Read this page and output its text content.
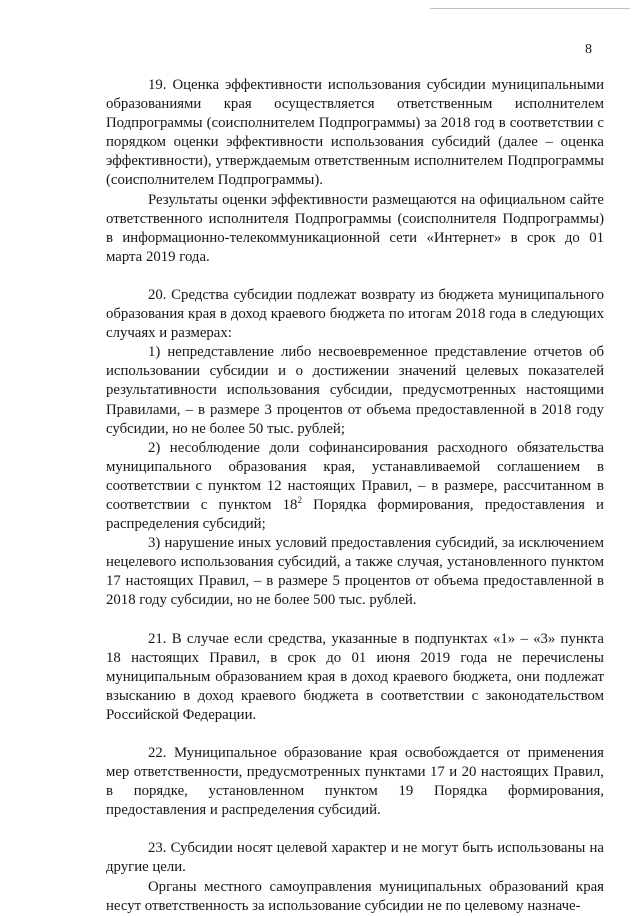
8

19. Оценка эффективности использования субсидии муниципальными образованиями края осуществляется ответственным исполнителем Подпрограммы (соисполнителем Подпрограммы) за 2018 год в соответствии с порядком оценки эффективности использования субсидий (далее – оценка эффективности), утверждаемым ответственным исполнителем Подпрограммы (соисполнителем Подпрограммы).

Результаты оценки эффективности размещаются на официальном сайте ответственного исполнителя Подпрограммы (соисполнителя Подпрограммы) в информационно-телекоммуникационной сети «Интернет» в срок до 01 марта 2019 года.

20. Средства субсидии подлежат возврату из бюджета муниципального образования края в доход краевого бюджета по итогам 2018 года в следующих случаях и размерах:

1) непредставление либо несвоевременное представление отчетов об использовании субсидии и о достижении значений целевых показателей результативности использования субсидии, предусмотренных настоящими Правилами, – в размере 3 процентов от объема предоставленной в 2018 году субсидии, но не более 50 тыс. рублей;

2) несоблюдение доли софинансирования расходного обязательства муниципального образования края, устанавливаемой соглашением в соответствии с пунктом 12 настоящих Правил, – в размере, рассчитанном в соответствии с пунктом $18^2$ Порядка формирования, предоставления и распределения субсидий;

3) нарушение иных условий предоставления субсидий, за исключением нецелевого использования субсидий, а также случая, установленного пунктом 17 настоящих Правил, – в размере 5 процентов от объема предоставленной в 2018 году субсидии, но не более 500 тыс. рублей.

21. В случае если средства, указанные в подпунктах «1» – «3» пункта 18 настоящих Правил, в срок до 01 июня 2019 года не перечислены муниципальным образованием края в доход краевого бюджета, они подлежат взысканию в доход краевого бюджета в соответствии с законодательством Российской Федерации.

22. Муниципальное образование края освобождается от применения мер ответственности, предусмотренных пунктами 17 и 20 настоящих Правил, в порядке, установленном пунктом 19 Порядка формирования, предоставления и распределения субсидий.

23. Субсидии носят целевой характер и не могут быть использованы на другие цели.

Органы местного самоуправления муниципальных образований края несут ответственность за использование субсидии не по целевому назначе-
